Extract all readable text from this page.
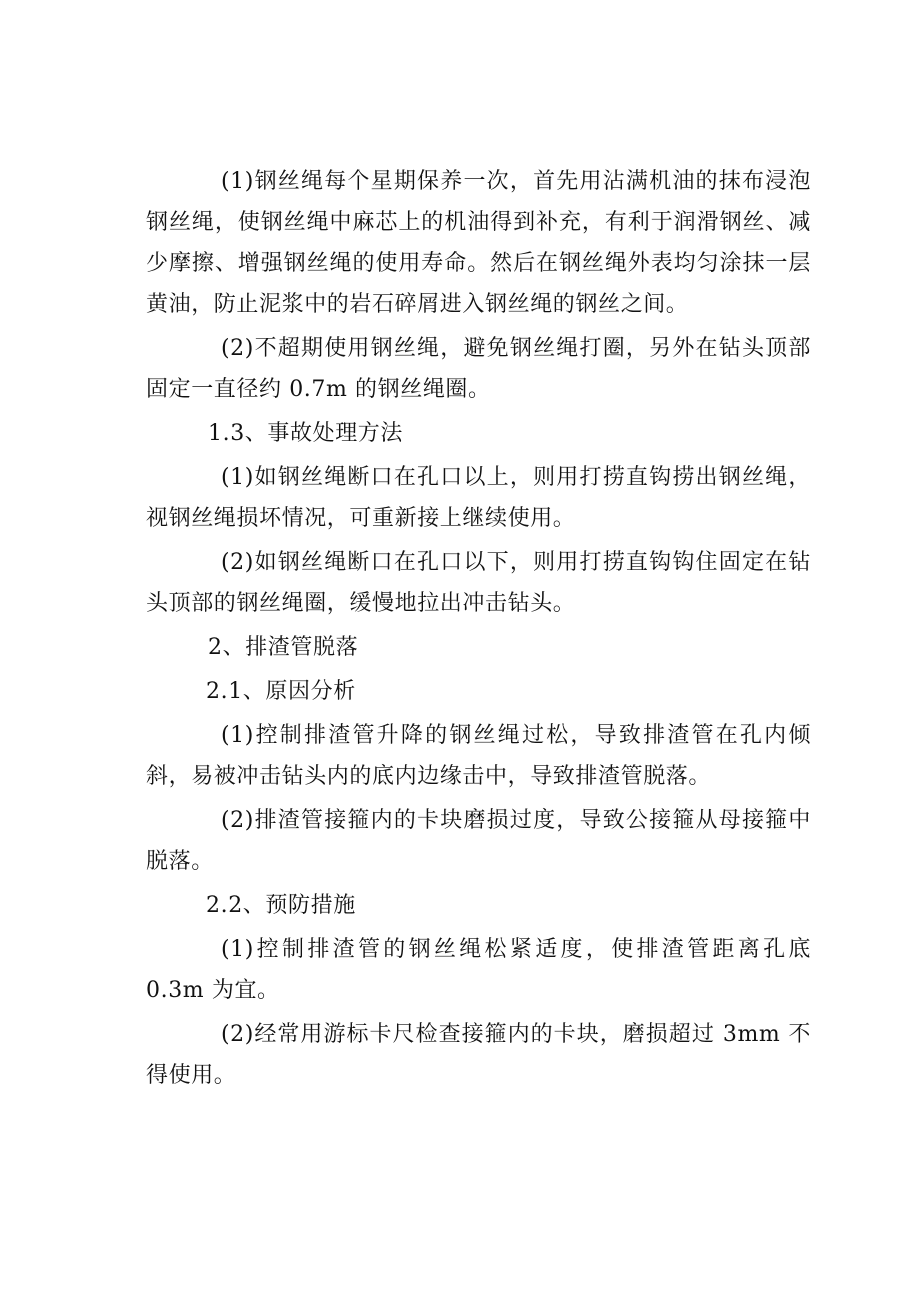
(1)钢丝绳每个星期保养一次，首先用沾满机油的抹布浸泡钢丝绳，使钢丝绳中麻芯上的机油得到补充，有利于润滑钢丝、减少摩擦、增强钢丝绳的使用寿命。然后在钢丝绳外表均匀涂抹一层黄油，防止泥浆中的岩石碎屑进入钢丝绳的钢丝之间。

(2)不超期使用钢丝绳，避免钢丝绳打圈，另外在钻头顶部固定一直径约 0.7m 的钢丝绳圈。

1.3、事故处理方法

(1)如钢丝绳断口在孔口以上，则用打捞直钩捞出钢丝绳，视钢丝绳损坏情况，可重新接上继续使用。

(2)如钢丝绳断口在孔口以下，则用打捞直钩钩住固定在钻头顶部的钢丝绳圈，缓慢地拉出冲击钻头。

2、排渣管脱落

2.1、原因分析

(1)控制排渣管升降的钢丝绳过松，导致排渣管在孔内倾斜，易被冲击钻头内的底内边缘击中，导致排渣管脱落。

(2)排渣管接箍内的卡块磨损过度，导致公接箍从母接箍中脱落。

2.2、预防措施

(1)控制排渣管的钢丝绳松紧适度，使排渣管距离孔底 0.3m 为宜。

(2)经常用游标卡尺检查接箍内的卡块，磨损超过 3mm 不得使用。
